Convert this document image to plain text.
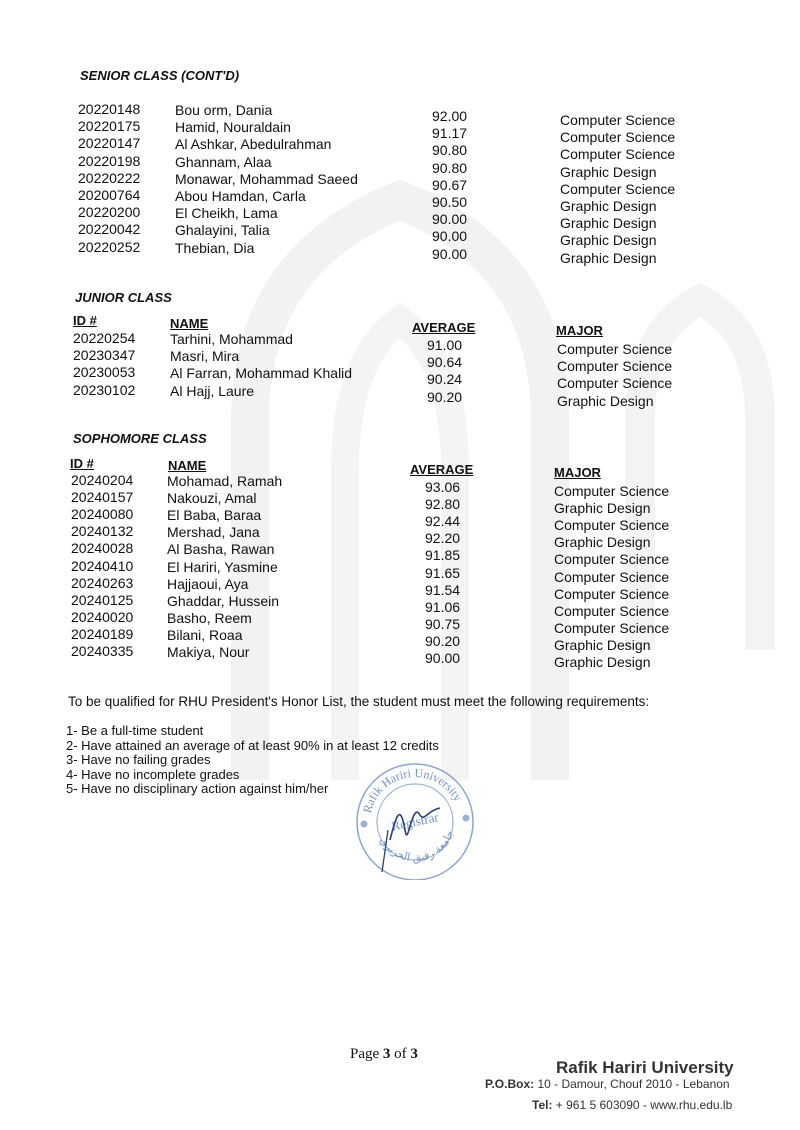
SENIOR CLASS (CONT'D)
20220148 Bou orm, Dania	92.00	Computer Science
20220175 Hamid, Nouraldain	91.17	Computer Science
20220147 Al Ashkar, Abedulrahman	90.80	Computer Science
20220198 Ghannam, Alaa	90.80	Graphic Design
20220222 Monawar, Mohammad Saeed	90.67	Computer Science
20200764 Abou Hamdan, Carla	90.50	Graphic Design
20220200 El Cheikh, Lama	90.00	Graphic Design
20220042 Ghalayini, Talia	90.00	Graphic Design
20220252 Thebian, Dia	90.00	Graphic Design
JUNIOR CLASS
ID #	NAME	AVERAGE	MAJOR
20220254 Tarhini, Mohammad	91.00	Computer Science
20230347 Masri, Mira	90.64	Computer Science
20230053 Al Farran, Mohammad Khalid	90.24	Computer Science
20230102 Al Hajj, Laure	90.20	Graphic Design
SOPHOMORE CLASS
ID #	NAME	AVERAGE	MAJOR
20240204 Mohamad, Ramah	93.06	Computer Science
20240157 Nakouzi, Amal	92.80	Graphic Design
20240080 El Baba, Baraa	92.44	Computer Science
20240132 Mershad, Jana	92.20	Graphic Design
20240028 Al Basha, Rawan	91.85	Computer Science
20240410 El Hariri, Yasmine	91.65	Computer Science
20240263 Hajjaoui, Aya	91.54	Computer Science
20240125 Ghaddar, Hussein	91.06	Computer Science
20240020 Basho, Reem	90.75	Computer Science
20240189 Bilani, Roaa	90.20	Graphic Design
20240335 Makiya, Nour	90.00	Graphic Design
To be qualified for RHU President's Honor List, the student must meet the following requirements:
1- Be a full-time student
2- Have attained an average of at least 90% in at least 12 credits
3- Have no failing grades
4- Have no incomplete grades
5- Have no disciplinary action against him/her
Rafik Hariri University
Registrar
جامعة رفيق الحريري
Page 3 of 3
Rafik Hariri University
P.O.Box: 10 - Damour, Chouf 2010 - Lebanon
Tel: + 961 5 603090 - www.rhu.edu.lb
